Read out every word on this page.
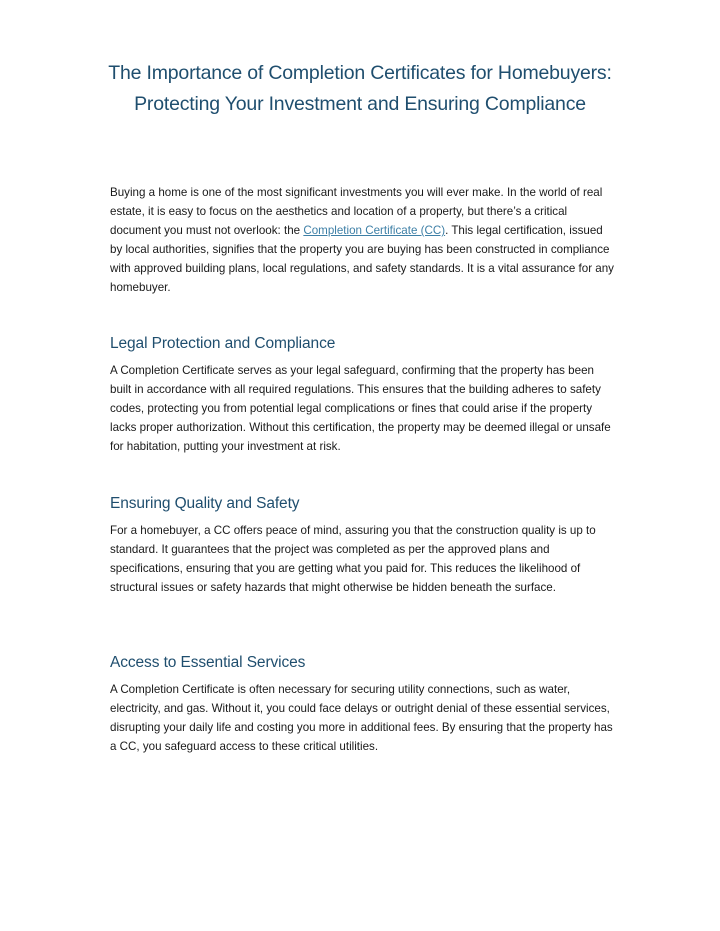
The Importance of Completion Certificates for Homebuyers: Protecting Your Investment and Ensuring Compliance

Buying a home is one of the most significant investments you will ever make. In the world of real estate, it is easy to focus on the aesthetics and location of a property, but there’s a critical document you must not overlook: the Completion Certificate (CC). This legal certification, issued by local authorities, signifies that the property you are buying has been constructed in compliance with approved building plans, local regulations, and safety standards. It is a vital assurance for any homebuyer.

Legal Protection and Compliance

A Completion Certificate serves as your legal safeguard, confirming that the property has been built in accordance with all required regulations. This ensures that the building adheres to safety codes, protecting you from potential legal complications or fines that could arise if the property lacks proper authorization. Without this certification, the property may be deemed illegal or unsafe for habitation, putting your investment at risk.

Ensuring Quality and Safety

For a homebuyer, a CC offers peace of mind, assuring you that the construction quality is up to standard. It guarantees that the project was completed as per the approved plans and specifications, ensuring that you are getting what you paid for. This reduces the likelihood of structural issues or safety hazards that might otherwise be hidden beneath the surface.

Access to Essential Services

A Completion Certificate is often necessary for securing utility connections, such as water, electricity, and gas. Without it, you could face delays or outright denial of these essential services, disrupting your daily life and costing you more in additional fees. By ensuring that the property has a CC, you safeguard access to these critical utilities.
